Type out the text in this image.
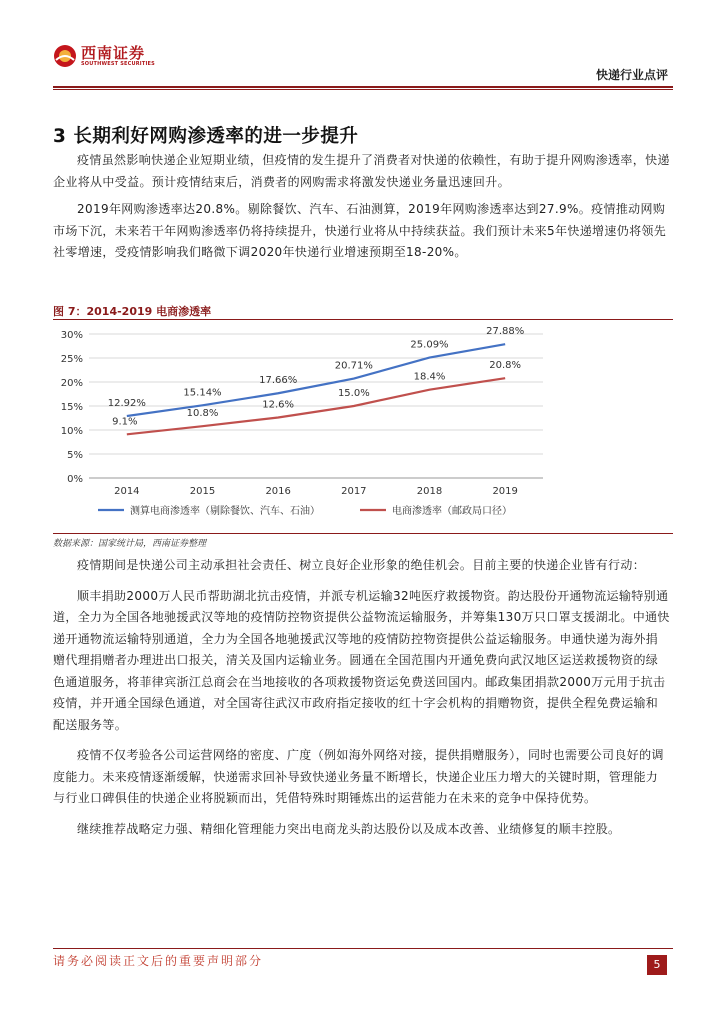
西南证券
SOUTHWEST SECURITIES
快递行业点评
3 长期利好网购渗透率的进一步提升

疫情虽然影响快递企业短期业绩，但疫情的发生提升了消费者对快递的依赖性，有助于提升网购渗透率，快递企业将从中受益。预计疫情结束后，消费者的网购需求将激发快递业务量迅速回升。

2019年网购渗透率达20.8%。剔除餐饮、汽车、石油测算，2019年网购渗透率达到27.9%。疫情推动网购市场下沉，未来若干年网购渗透率仍将持续提升，快递行业将从中持续获益。我们预计未来5年快递增速仍将领先社零增速，受疫情影响我们略微下调2020年快递行业增速预期至18-20%。

图 7：2014-2019 电商渗透率
0%
5%
10%
15%
20%
25%
30%
2014	2015	2016	2017	2018	2019
12.92%
15.14%
17.66%
20.71%
25.09%
27.88%
9.1%
10.8%
12.6%
15.0%
18.4%
20.8%
测算电商渗透率（剔除餐饮、汽车、石油）	电商渗透率（邮政局口径）
数据来源：国家统计局，西南证券整理

疫情期间是快递公司主动承担社会责任、树立良好企业形象的绝佳机会。目前主要的快递企业皆有行动：

顺丰捐助2000万人民币帮助湖北抗击疫情，并派专机运输32吨医疗救援物资。韵达股份开通物流运输特别通道，全力为全国各地驰援武汉等地的疫情防控物资提供公益物流运输服务，并筹集130万只口罩支援湖北。中通快递开通物流运输特别通道，全力为全国各地驰援武汉等地的疫情防控物资提供公益运输服务。申通快递为海外捐赠代理捐赠者办理进出口报关，清关及国内运输业务。圆通在全国范围内开通免费向武汉地区运送救援物资的绿色通道服务，将菲律宾浙江总商会在当地接收的各项救援物资运免费送回国内。邮政集团捐款2000万元用于抗击疫情，并开通全国绿色通道，对全国寄往武汉市政府指定接收的红十字会机构的捐赠物资，提供全程免费运输和配送服务等。

疫情不仅考验各公司运营网络的密度、广度（例如海外网络对接，提供捐赠服务），同时也需要公司良好的调度能力。未来疫情逐渐缓解，快递需求回补导致快递业务量不断增长，快递企业压力增大的关键时期，管理能力与行业口碑俱佳的快递企业将脱颖而出，凭借特殊时期锤炼出的运营能力在未来的竞争中保持优势。

继续推荐战略定力强、精细化管理能力突出电商龙头韵达股份以及成本改善、业绩修复的顺丰控股。

请务必阅读正文后的重要声明部分	5
